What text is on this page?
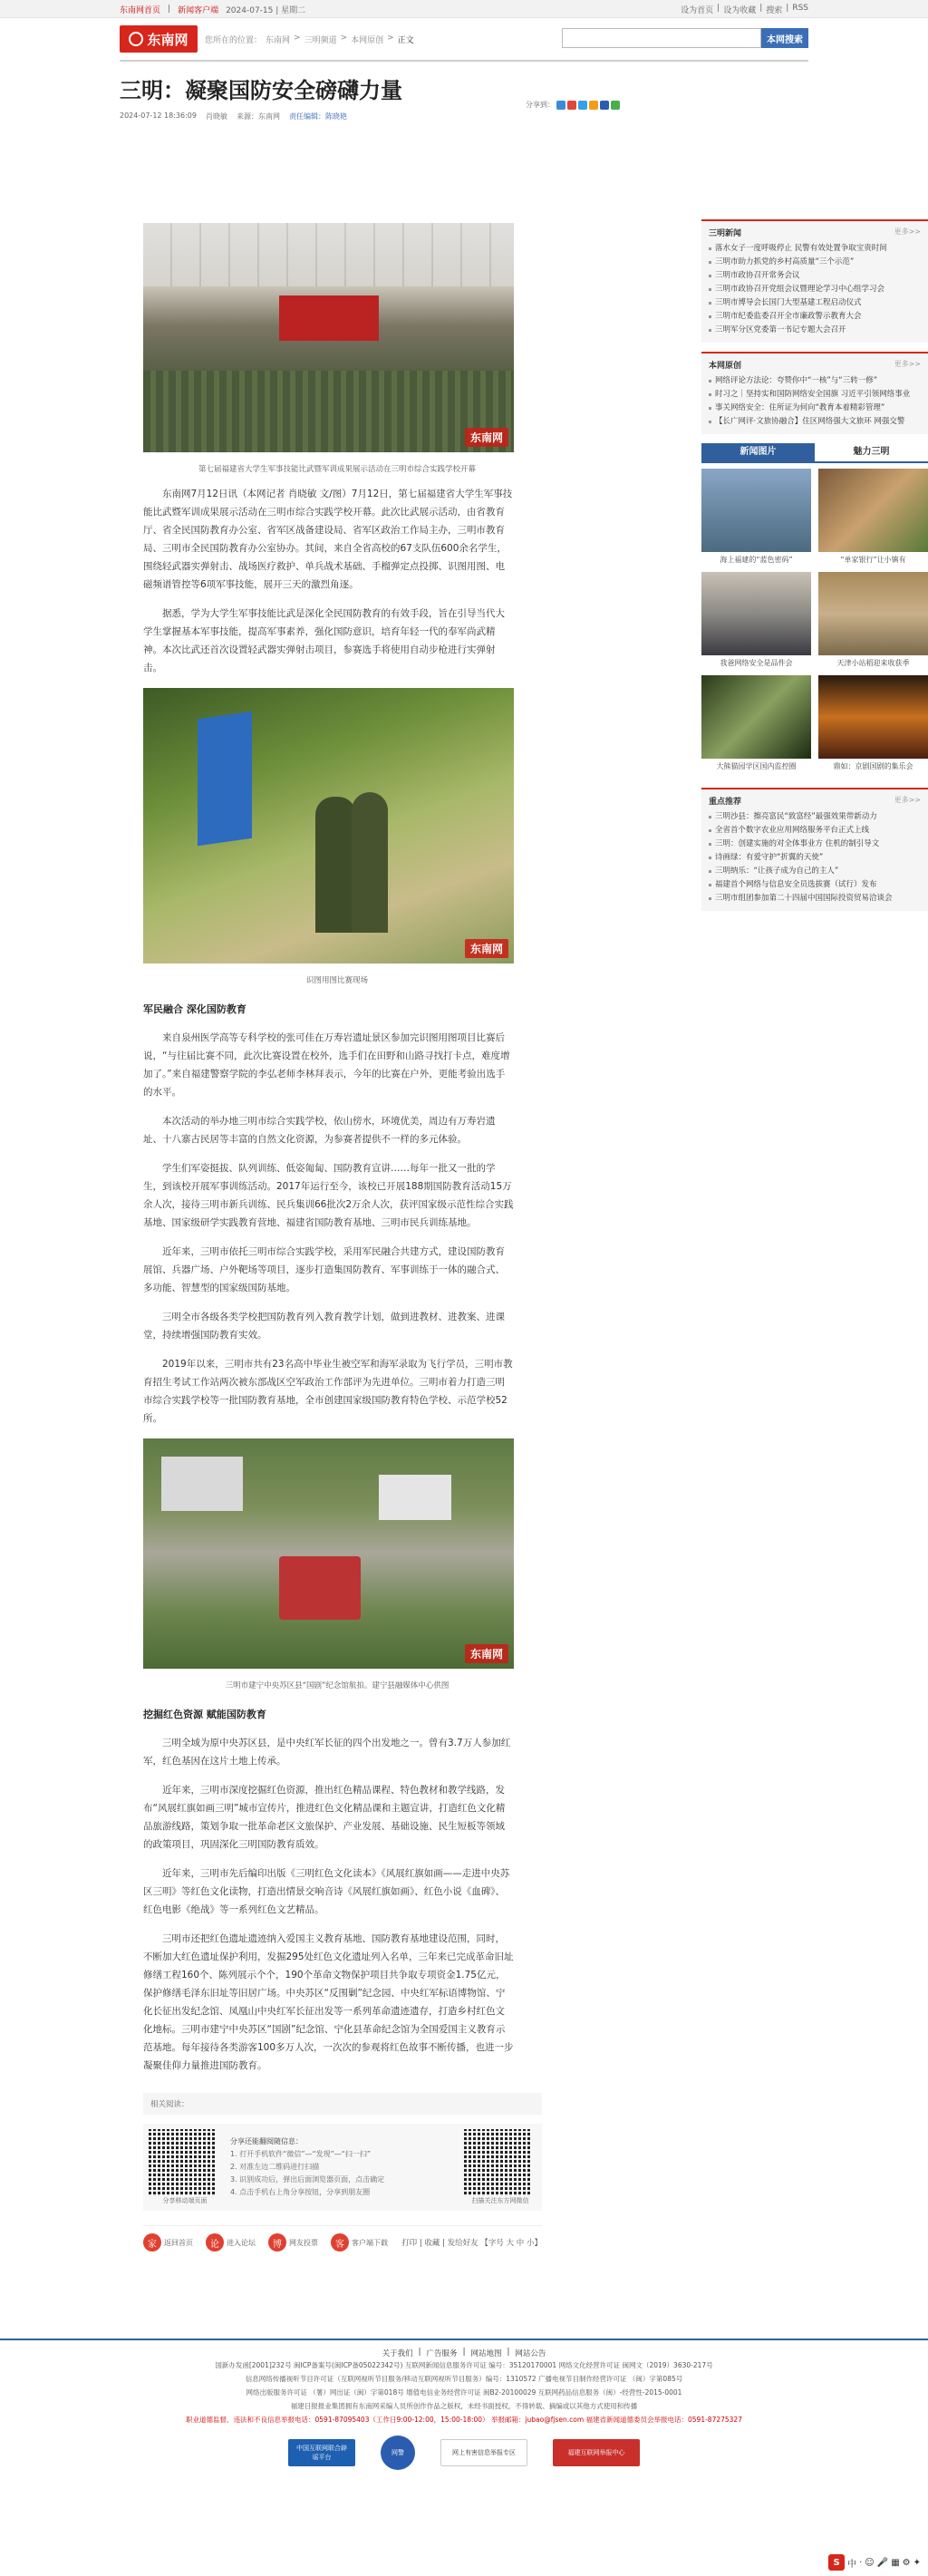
东南网首页 | 新闻客户端 2024-07-15 | 星期二	设为首页 | 设为收藏 | 搜索 | RSS
东南网 您所在的位置： 东南网 > 三明频道 > 本网原创 > 正文	本网搜索
三明：凝聚国防安全磅礴力量
2024-07-12 18:36:09 肖晓敏 来源：东南网 责任编辑：陈晓艳
分享到：
东南网

第七届福建省大学生军事技能比武暨军训成果展示活动在三明市综合实践学校开幕

东南网7月12日讯（本网记者 肖晓敏 文/图）7月12日，第七届福建省大学生军事技能比武暨军训成果展示活动在三明市综合实践学校开幕。此次比武展示活动，由省教育厅、省全民国防教育办公室、省军区战备建设局、省军区政治工作局主办，三明市教育局、三明市全民国防教育办公室协办。其间，来自全省高校的67支队伍600余名学生，围绕轻武器实弹射击、战场医疗救护、单兵战术基础、手榴弹定点投掷、识图用图、电磁频谱管控等6项军事技能，展开三天的激烈角逐。

据悉，学为大学生军事技能比武是深化全民国防教育的有效手段，旨在引导当代大学生掌握基本军事技能，提高军事素养，强化国防意识，培育年轻一代的奉军尚武精神。本次比武还首次设置轻武器实弹射击项目，参赛选手将使用自动步枪进行实弹射击。

东南网

识图用图比赛现场

军民融合 深化国防教育

来自泉州医学高等专科学校的张可佳在万寿岩遗址景区参加完识图用图项目比赛后说，“与往届比赛不同，此次比赛设置在校外，选手们在田野和山路寻找打卡点，难度增加了。”来自福建警察学院的李弘老师李林拜表示，今年的比赛在户外，更能考验出选手的水平。

本次活动的举办地三明市综合实践学校，依山傍水，环境优美，周边有万寿岩遗址、十八寨古民居等丰富的自然文化资源，为参赛者提供不一样的多元体验。

学生们军姿挺拔、队列训练、低姿匍匐、国防教育宣讲……每年一批又一批的学生，到该校开展军事训练活动。2017年运行至今，该校已开展188期国防教育活动15万余人次，接待三明市新兵训练、民兵集训66批次2万余人次，获评国家级示范性综合实践基地、国家级研学实践教育营地、福建省国防教育基地、三明市民兵训练基地。

近年来，三明市依托三明市综合实践学校，采用军民融合共建方式，建设国防教育展馆、兵器广场、户外靶场等项目，逐步打造集国防教育、军事训练于一体的融合式、多功能、智慧型的国家级国防基地。

三明全市各级各类学校把国防教育列入教育教学计划，做到进教材、进教案、进课堂，持续增强国防教育实效。

2019年以来，三明市共有23名高中毕业生被空军和海军录取为飞行学员，三明市教育招生考试工作站两次被东部战区空军政治工作部评为先进单位。三明市着力打造三明市综合实践学校等一批国防教育基地，全市创建国家级国防教育特色学校、示范学校52所。

东南网

三明市建宁中央苏区县“国剧”纪念馆航拍。建宁县融媒体中心供图

挖掘红色资源 赋能国防教育

三明全域为原中央苏区县，是中央红军长征的四个出发地之一。曾有3.7万人参加红军，红色基因在这片土地上传承。

近年来，三明市深度挖掘红色资源，推出红色精品课程、特色教材和教学线路，发布“风展红旗如画三明”城市宣传片，推进红色文化精品课和主题宣讲，打造红色文化精品旅游线路，策划争取一批革命老区文旅保护、产业发展、基础设施、民生短板等领域的政策项目，巩固深化三明国防教育质效。

近年来，三明市先后编印出版《三明红色文化读本》《风展红旗如画——走进中央苏区三明》等红色文化读物，打造出情景交响音诗《风展红旗如画》、红色小说《血碑》、红色电影《绝战》等一系列红色文艺精品。

三明市还把红色遗址遗迹纳入爱国主义教育基地、国防教育基地建设范围，同时，不断加大红色遗址保护利用，发掘295处红色文化遗址列入名单，三年来已完成革命旧址修缮工程160个、陈列展示个个，190个革命文物保护项目共争取专项资金1.75亿元，保护修缮毛泽东旧址等旧居广场。中央苏区“反围剿”纪念园、中央红军标语博物馆、宁化长征出发纪念馆、凤凰山中央红军长征出发等一系列革命遗迹遗存，打造乡村红色文化地标。三明市建宁中央苏区“国剧”纪念馆、宁化县革命纪念馆为全国爱国主义教育示范基地。每年接待各类游客100多万人次，一次次的参观将红色故事不断传播，也进一步凝聚佳仰力量推进国防教育。

相关阅读：
分享移动端页面
分享还能翻阅随信息：
1. 打开手机软件“微信”—“发现”—“扫一扫”
2. 对准左边二维码进行扫描
3. 识别成功后，弹出后面浏览器页面，点击确定
4. 点击手机右上角分享按钮，分享到朋友圈
扫描关注东方网微信
家	返回首页	论	进入论坛	博	网友投票	客	客户端下载 打印 | 收藏 | 发给好友 【字号 大 中 小】
三明新闻	更多>>
落水女子一度呼吸停止 民警有效处置争取宝贵时间
三明市助力抓党的乡村高质量“三个示范”
三明市政协召开常务会议
三明市政协召开党组会议暨理论学习中心组学习会
三明市博导会长国门大型基建工程启动仪式
三明市纪委监委召开全市廉政警示教育大会
三明军分区党委第一书记专题大会召开
本网原创	更多>>
网络评论方法论：夸赞你中“一核”与“三转一修”
时习之｜坚持实和国防网络安全国旗 习近平引领网络事业
事关网络安全：住所证为何向“教育本着精彩管理”
【长广网评·文旅协融合】住区网络强大文旅环 网强交警
新闻图片	魅力三明
海上福建的“蓝色密码”	“单家银行”让小镇有
我爸网络安全是品件会	天津小站稻迎来收获季
大熊猫园学区国内监控圈	鼎如：京剧国剧的集乐会
重点推荐	更多>>
三明沙县：擦亮富民“致富经”最强效果带新动力
全省首个数字农业应用网络服务平台正式上线
三明：创建实施的对全体事业方 住机的制引导文
诗画绿：有爱守护“折翼的天使”
三明纳乐：“让孩子成为自己的主人”
福建首个网络与信息安全员选拔赛（试行）发布
三明市组团参加第二十四届中国国际投资贸易洽谈会
关于我们 | 广告服务 | 网站地图 | 网站公告

国新办发函[2001]232号 闽ICP备案号(闽ICP备05022342号) 互联网新闻信息服务许可证 编号：35120170001 网络文化经营许可证 闽网文（2019）3630-217号

信息网络传播视听节目许可证（互联网视听节目服务/移动互联网视听节目服务）编号：1310572 广播电视节目制作经营许可证 （闽）字第085号

网络出版服务许可证 （署）网出证（闽）字第018号 增值电信业务经营许可证 闽B2-20100029 互联网药品信息服务（闽）-经营性-2015-0001

福建日报报业集团拥有东南网采编人员所创作作品之版权，未经书面授权，不得转载、摘编或以其他方式使用和传播

职业道德监督、违法和不良信息举报电话：0591-87095403（工作日9:00-12:00，15:00-18:00） 举报邮箱：jubao@fjsen.com 福建省新闻道德委员会举报电话：0591-87275327

中国互联网联合辟谣平台
网警	网上有害信息举报专区	福建互联网举报中心
S 中 · ☺ 🎤 ▦ ⚙ ✦
